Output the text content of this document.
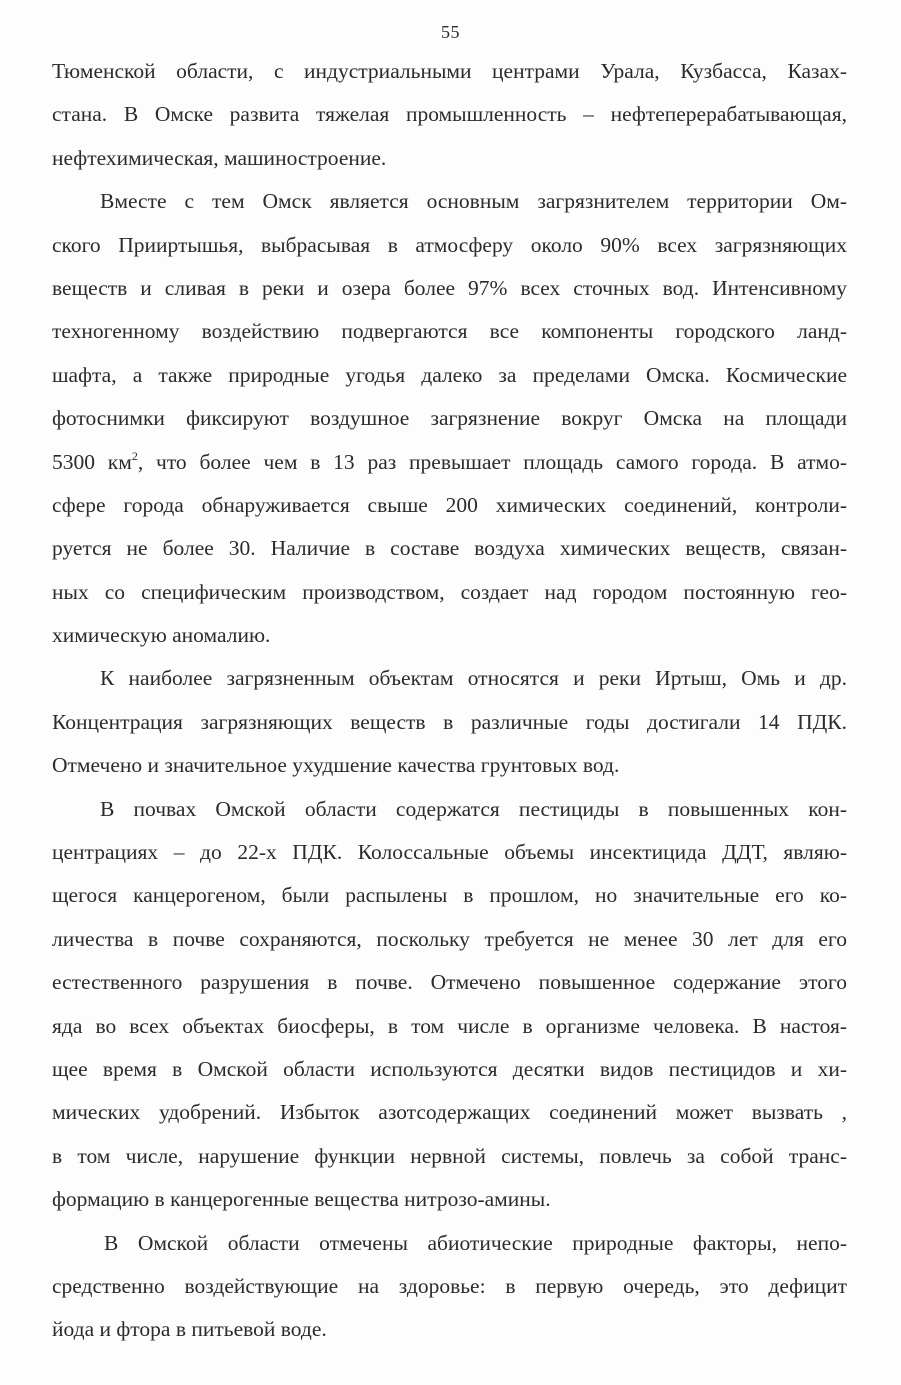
55
Тюменской области, с индустриальными центрами Урала, Кузбасса, Казах-
стана. В Омске развита тяжелая промышленность – нефтеперерабатывающая,
нефтехимическая, машиностроение.
Вместе с тем Омск является основным загрязнителем территории Ом-
ского Прииртышья, выбрасывая в атмосферу около 90% всех загрязняющих
веществ и сливая в реки и озера более 97% всех сточных вод. Интенсивному
техногенному воздействию подвергаются все компоненты городского ланд-
шафта, а также природные угодья далеко за пределами Омска. Космические
фотоснимки фиксируют воздушное загрязнение вокруг Омска на площади
5300 $км^2$, что более чем в 13 раз превышает площадь самого города. В атмо-
сфере города обнаруживается свыше 200 химических соединений, контроли-
руется не более 30. Наличие в составе воздуха химических веществ, связан-
ных со специфическим производством, создает над городом постоянную гео-
химическую аномалию.
К наиболее загрязненным объектам относятся и реки Иртыш, Омь и др.
Концентрация загрязняющих веществ в различные годы достигали 14 ПДК.
Отмечено и значительное ухудшение качества грунтовых вод.
В почвах Омской области содержатся пестициды в повышенных кон-
центрациях – до 22-х ПДК. Колоссальные объемы инсектицида ДДТ, являю-
щегося канцерогеном, были распылены в прошлом, но значительные его ко-
личества в почве сохраняются, поскольку требуется не менее 30 лет для его
естественного разрушения в почве. Отмечено повышенное содержание этого
яда во всех объектах биосферы, в том числе в организме человека. В настоя-
щее время в Омской области используются десятки видов пестицидов и хи-
мических удобрений. Избыток азотсодержащих соединений может вызвать ,
в том числе, нарушение функции нервной системы, повлечь за собой транс-
формацию в канцерогенные вещества нитрозо-амины.
В Омской области отмечены абиотические природные факторы, непо-
средственно воздействующие на здоровье: в первую очередь, это дефицит
йода и фтора в питьевой воде.
